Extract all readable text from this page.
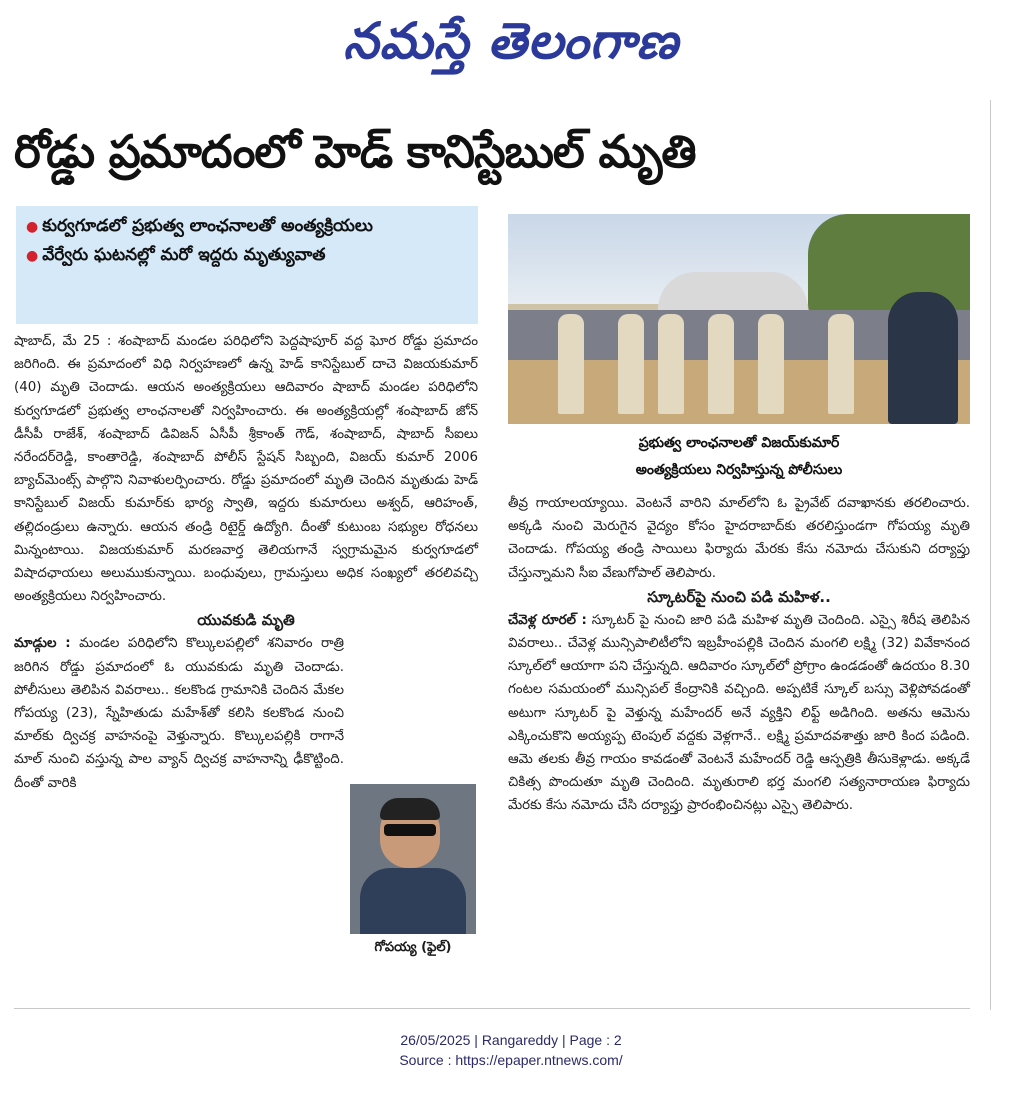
నమస్తే తెలంగాణ
రోడ్డు ప్రమాదంలో హెడ్ కానిస్టేబుల్ మృతి

● కుర్వగూడలో ప్రభుత్వ లాంఛనాలతో అంత్యక్రియలు

● వేర్వేరు ఘటనల్లో మరో ఇద్దరు మృత్యువాత

షాబాద్, మే 25 : శంషాబాద్ మండల పరిధిలోని పెద్దషాపూర్ వద్ద ఘోర రోడ్డు ప్రమాదం జరిగింది. ఈ ప్రమాదంలో విధి నిర్వహణలో ఉన్న హెడ్ కానిస్టేబుల్ దాచె విజయకుమార్ (40) మృతి చెందాడు. ఆయన అంత్యక్రియలు ఆదివారం షాబాద్ మండల పరిధిలోని కుర్వగూడలో ప్రభుత్వ లాంఛనాలతో నిర్వహించారు. ఈ అంత్యక్రియల్లో శంషాబాద్ జోన్ డీసీపీ రాజేశ్, శంషాబాద్ డివిజన్ ఏసీపీ శ్రీకాంత్ గౌడ్, శంషాబాద్, షాబాద్ సీఐలు నరేందర్‌రెడ్డి, కాంతారెడ్డి, శంషాబాద్ పోలీస్ స్టేషన్ సిబ్బంది, విజయ్ కుమార్ 2006 బ్యాచ్‌మెంట్స్ పాల్గొని నివాళులర్పించారు. రోడ్డు ప్రమాదంలో మృతి చెందిన మృతుడు హెడ్ కానిస్టేబుల్ విజయ్ కుమార్‌కు భార్య స్వాతి, ఇద్దరు కుమారులు అశ్వద్, ఆరిహంత్, తల్లిదండ్రులు ఉన్నారు. ఆయన తండ్రి రిటైర్డ్ ఉద్యోగి. దీంతో కుటుంబ సభ్యుల రోధనలు మిన్నంటాయి. విజయకుమార్ మరణవార్త తెలియగానే స్వగ్రామమైన కుర్వగూడలో విషాదఛాయలు అలుముకున్నాయి. బంధువులు, గ్రామస్తులు అధిక సంఖ్యలో తరలివచ్చి అంత్యక్రియలు నిర్వహించారు.

యువకుడి మృతి

మాడ్గుల : మండల పరిధిలోని కొల్కులపల్లిలో శనివారం రాత్రి జరిగిన రోడ్డు ప్రమాదంలో ఓ యువకుడు మృతి చెందాడు. పోలీసులు తెలిపిన వివరాలు.. కలకొండ గ్రామానికి చెందిన మేకల గోపయ్య (23), స్నేహితుడు మహేశ్‌తో కలిసి కలకొండ నుంచి మాల్‌కు ద్విచక్ర వాహనంపై వెళ్తున్నారు. కొల్కులపల్లికి రాగానే మాల్ నుంచి వస్తున్న పాల వ్యాన్ ద్విచక్ర వాహనాన్ని ఢీకొట్టింది. దీంతో వారికి

ప్రభుత్వ లాంఛనాలతో విజయ్‌కుమార్
అంత్యక్రియలు నిర్వహిస్తున్న పోలీసులు
గోపయ్య (ఫైల్)

తీవ్ర గాయాలయ్యాయి. వెంటనే వారిని మాల్‌లోని ఓ ప్రైవేట్ దవాఖానకు తరలించారు. అక్కడి నుంచి మెరుగైన వైద్యం కోసం హైదరాబాద్‌కు తరలిస్తుండగా గోపయ్య మృతి చెందాడు. గోపయ్య తండ్రి సాయిలు ఫిర్యాదు మేరకు కేసు నమోదు చేసుకుని దర్యాప్తు చేస్తున్నామని సీఐ వేణుగోపాల్ తెలిపారు.

స్కూటర్‌పై నుంచి పడి మహిళ..

చేవెళ్ల రూరల్ : స్కూటర్ పై నుంచి జారి పడి మహిళ మృతి చెందింది. ఎస్సై శిరీష తెలిపిన వివరాలు.. చేవెళ్ల మున్సిపాలిటీలోని ఇబ్రహీంపల్లికి చెందిన మంగలి లక్ష్మి (32) వివేకానంద స్కూల్‌లో ఆయాగా పని చేస్తున్నది. ఆదివారం స్కూల్‌లో ప్రోగ్రాం ఉండడంతో ఉదయం 8.30 గంటల సమయంలో మున్సిపల్ కేంద్రానికి వచ్చింది. అప్పటికే స్కూల్ బస్సు వెళ్లిపోవడంతో అటుగా స్కూటర్ పై వెళ్తున్న మహేందర్ అనే వ్యక్తిని లిఫ్ట్ అడిగింది. అతను ఆమెను ఎక్కించుకొని అయ్యప్ప టెంపుల్ వద్దకు వెళ్లగానే.. లక్ష్మి ప్రమాదవశాత్తు జారి కింద పడింది. ఆమె తలకు తీవ్ర గాయం కావడంతో వెంటనే మహేందర్ రెడ్డి ఆస్పత్రికి తీసుకెళ్లాడు. అక్కడే చికిత్స పొందుతూ మృతి చెందింది. మృతురాలి భర్త మంగలి సత్యనారాయణ ఫిర్యాదు మేరకు కేసు నమోదు చేసి దర్యాప్తు ప్రారంభించినట్లు ఎస్సై తెలిపారు.

26/05/2025 | Rangareddy | Page : 2
Source : https://epaper.ntnews.com/
